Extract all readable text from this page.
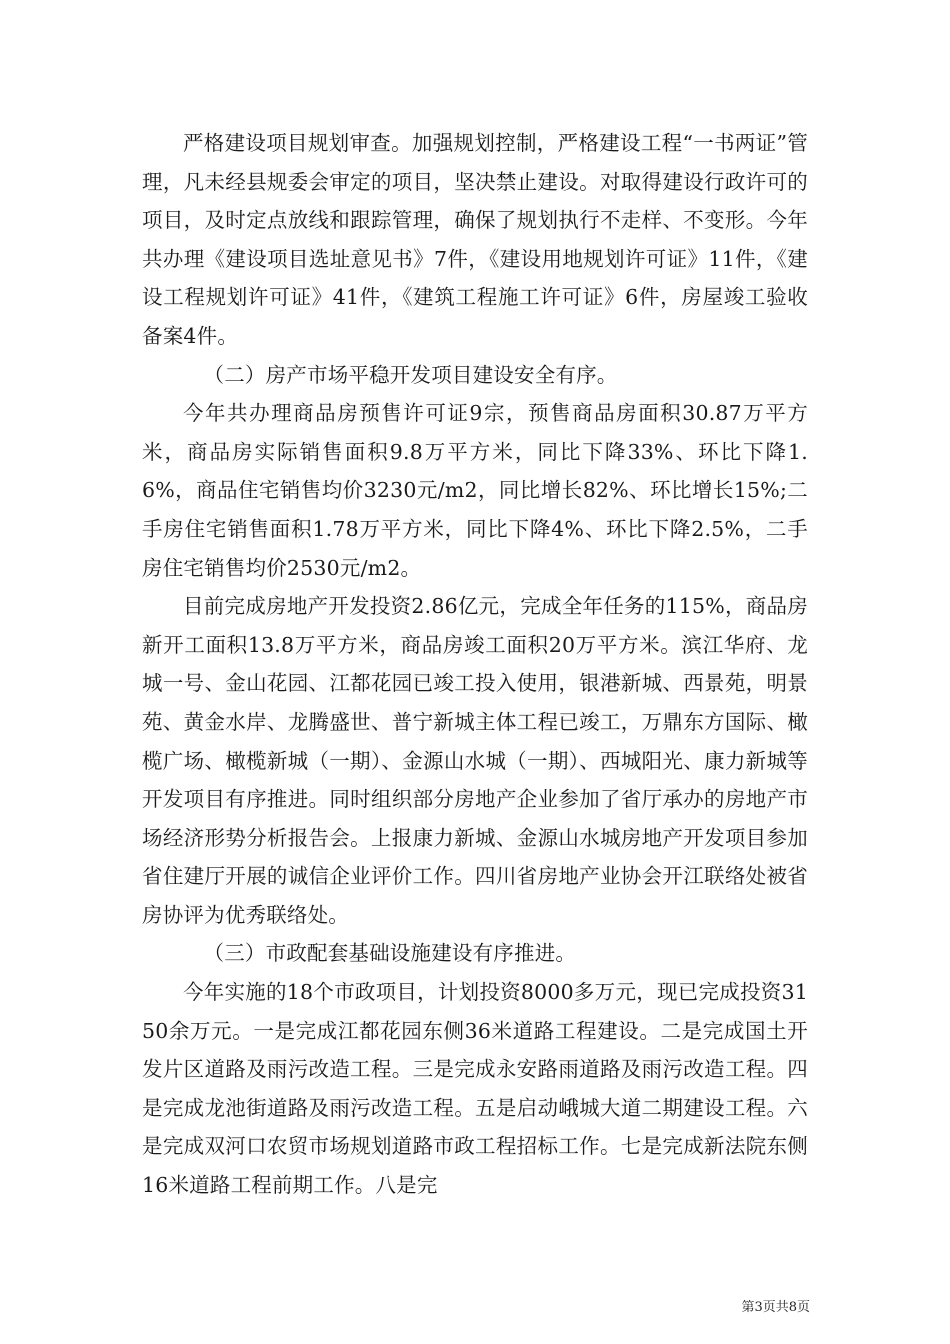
严格建设项目规划审查。加强规划控制，严格建设工程“一书两证”管理，凡未经县规委会审定的项目，坚决禁止建设。对取得建设行政许可的项目，及时定点放线和跟踪管理，确保了规划执行不走样、不变形。今年共办理《建设项目选址意见书》7件，《建设用地规划许可证》11件，《建设工程规划许可证》41件，《建筑工程施工许可证》6件，房屋竣工验收备案4件。

（二）房产市场平稳开发项目建设安全有序。

今年共办理商品房预售许可证9宗，预售商品房面积30.87万平方米，商品房实际销售面积9.8万平方米，同比下降33%、环比下降1.6%，商品住宅销售均价3230元/m2，同比增长82%、环比增长15%;二手房住宅销售面积1.78万平方米，同比下降4%、环比下降2.5%，二手房住宅销售均价2530元/m2。

目前完成房地产开发投资2.86亿元，完成全年任务的115%，商品房新开工面积13.8万平方米，商品房竣工面积20万平方米。滨江华府、龙城一号、金山花园、江都花园已竣工投入使用，银港新城、西景苑，明景苑、黄金水岸、龙腾盛世、普宁新城主体工程已竣工，万鼎东方国际、橄榄广场、橄榄新城（一期）、金源山水城（一期）、西城阳光、康力新城等开发项目有序推进。同时组织部分房地产企业参加了省厅承办的房地产市场经济形势分析报告会。上报康力新城、金源山水城房地产开发项目参加省住建厅开展的诚信企业评价工作。四川省房地产业协会开江联络处被省房协评为优秀联络处。

（三）市政配套基础设施建设有序推进。

今年实施的18个市政项目，计划投资8000多万元，现已完成投资3150余万元。一是完成江都花园东侧36米道路工程建设。二是完成国土开发片区道路及雨污改造工程。三是完成永安路雨道路及雨污改造工程。四是完成龙池街道路及雨污改造工程。五是启动峨城大道二期建设工程。六是完成双河口农贸市场规划道路市政工程招标工作。七是完成新法院东侧16米道路工程前期工作。八是完

第3页共8页
